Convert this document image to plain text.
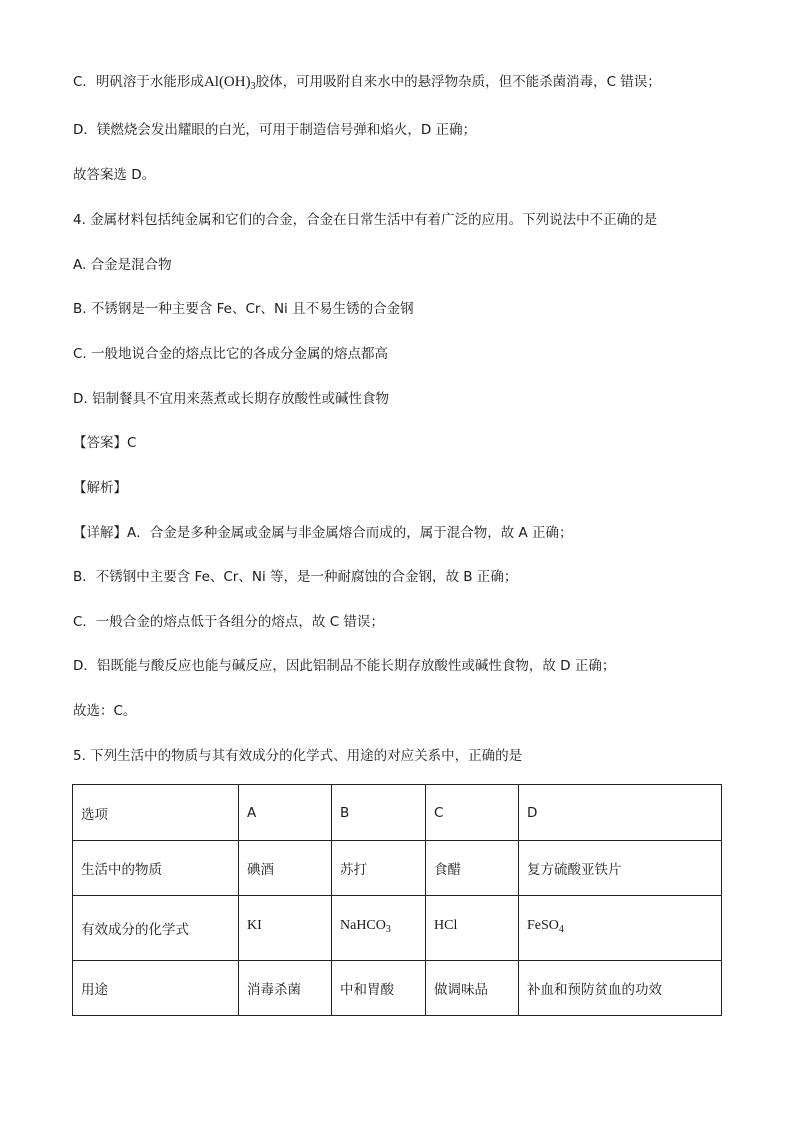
C．明矾溶于水能形成$Al(OH)_3$胶体，可用吸附自来水中的悬浮物杂质，但不能杀菌消毒，C 错误；
D．镁燃烧会发出耀眼的白光，可用于制造信号弹和焰火，D 正确；
故答案选 D。
4. 金属材料包括纯金属和它们的合金，合金在日常生活中有着广泛的应用。下列说法中不正确的是
A. 合金是混合物
B. 不锈钢是一种主要含 Fe、Cr、Ni 且不易生锈的合金钢
C. 一般地说合金的熔点比它的各成分金属的熔点都高
D. 铝制餐具不宜用来蒸煮或长期存放酸性或碱性食物
【答案】C
【解析】
【详解】A．合金是多种金属或金属与非金属熔合而成的，属于混合物，故 A 正确；
B．不锈钢中主要含 Fe、Cr、Ni 等，是一种耐腐蚀的合金钢，故 B 正确；
C．一般合金的熔点低于各组分的熔点，故 C 错误；
D．铝既能与酸反应也能与碱反应，因此铝制品不能长期存放酸性或碱性食物，故 D 正确；
故选：C。
5. 下列生活中的物质与其有效成分的化学式、用途的对应关系中，正确的是
选项	A	B	C	D
生活中的物质	碘酒	苏打	食醋	复方硫酸亚铁片
有效成分的化学式	KI	NaHCO$_3$	HCl	FeSO$_4$
用途	消毒杀菌	中和胃酸	做调味品	补血和预防贫血的功效
